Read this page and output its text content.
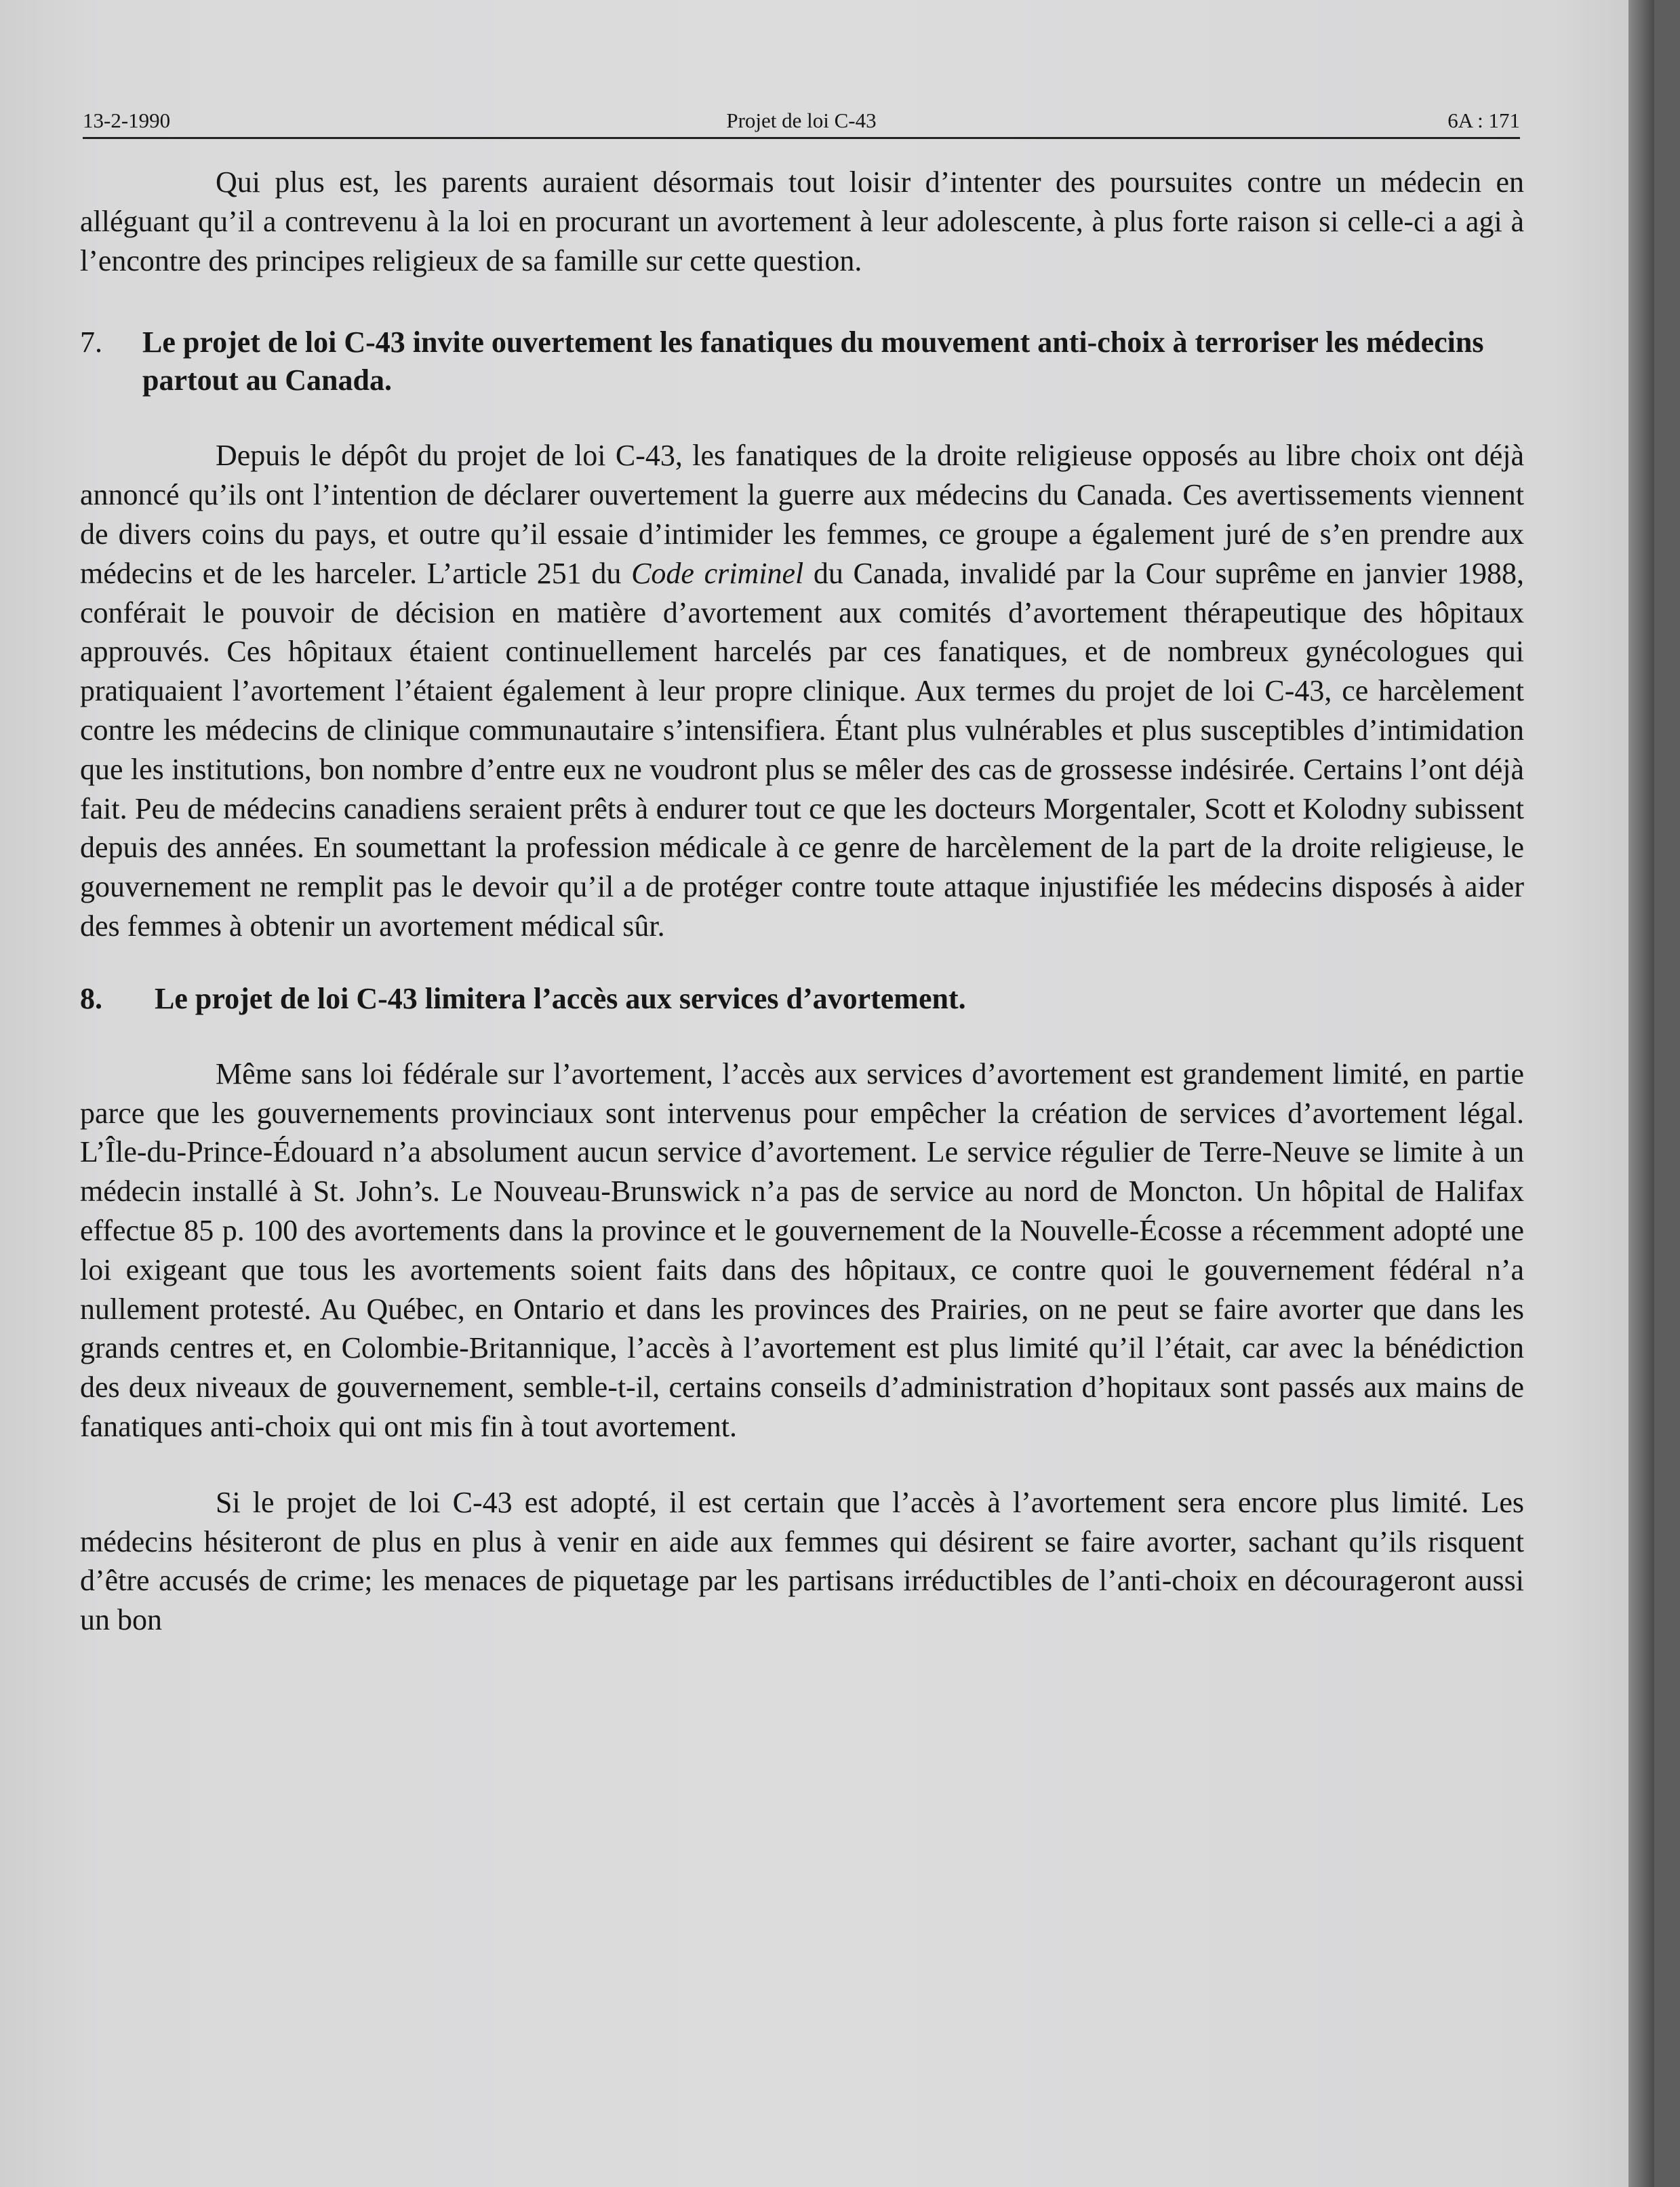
13-2-1990	Projet de loi C-43	6A : 171

Qui plus est, les parents auraient désormais tout loisir d’intenter des poursuites contre un médecin en alléguant qu’il a contrevenu à la loi en procurant un avortement à leur adolescente, à plus forte raison si celle-ci a agi à l’encontre des principes religieux de sa famille sur cette question.

7.	Le projet de loi C-43 invite ouvertement les fanatiques du mouvement anti-choix à terroriser les médecins partout au Canada.

Depuis le dépôt du projet de loi C-43, les fanatiques de la droite religieuse opposés au libre choix ont déjà annoncé qu’ils ont l’intention de déclarer ouvertement la guerre aux médecins du Canada. Ces avertissements viennent de divers coins du pays, et outre qu’il essaie d’intimider les femmes, ce groupe a également juré de s’en prendre aux médecins et de les harceler. L’article 251 du Code criminel du Canada, invalidé par la Cour suprême en janvier 1988, conférait le pouvoir de décision en matière d’avortement aux comités d’avortement thérapeutique des hôpitaux approuvés. Ces hôpitaux étaient continuellement harcelés par ces fanatiques, et de nombreux gynécologues qui pratiquaient l’avortement l’étaient également à leur propre clinique. Aux termes du projet de loi C-43, ce harcèlement contre les médecins de clinique communautaire s’intensifiera. Étant plus vulnérables et plus susceptibles d’intimidation que les institutions, bon nombre d’entre eux ne voudront plus se mêler des cas de grossesse indésirée. Certains l’ont déjà fait. Peu de médecins canadiens seraient prêts à endurer tout ce que les docteurs Morgentaler, Scott et Kolodny subissent depuis des années. En soumettant la profession médicale à ce genre de harcèlement de la part de la droite religieuse, le gouvernement ne remplit pas le devoir qu’il a de protéger contre toute attaque injustifiée les médecins disposés à aider des femmes à obtenir un avortement médical sûr.

8.	Le projet de loi C-43 limitera l’accès aux services d’avortement.

Même sans loi fédérale sur l’avortement, l’accès aux services d’avortement est grandement limité, en partie parce que les gouvernements provinciaux sont intervenus pour empêcher la création de services d’avortement légal. L’Île-du-Prince-Édouard n’a absolument aucun service d’avortement. Le service régulier de Terre-Neuve se limite à un médecin installé à St. John’s. Le Nouveau-Brunswick n’a pas de service au nord de Moncton. Un hôpital de Halifax effectue 85 p. 100 des avortements dans la province et le gouvernement de la Nouvelle-Écosse a récemment adopté une loi exigeant que tous les avortements soient faits dans des hôpitaux, ce contre quoi le gouvernement fédéral n’a nullement protesté. Au Québec, en Ontario et dans les provinces des Prairies, on ne peut se faire avorter que dans les grands centres et, en Colombie-Britannique, l’accès à l’avortement est plus limité qu’il l’était, car avec la bénédiction des deux niveaux de gouvernement, semble-t-il, certains conseils d’administration d’hopitaux sont passés aux mains de fanatiques anti-choix qui ont mis fin à tout avortement.

Si le projet de loi C-43 est adopté, il est certain que l’accès à l’avortement sera encore plus limité. Les médecins hésiteront de plus en plus à venir en aide aux femmes qui désirent se faire avorter, sachant qu’ils risquent d’être accusés de crime; les menaces de piquetage par les partisans irréductibles de l’anti-choix en décourageront aussi un bon
